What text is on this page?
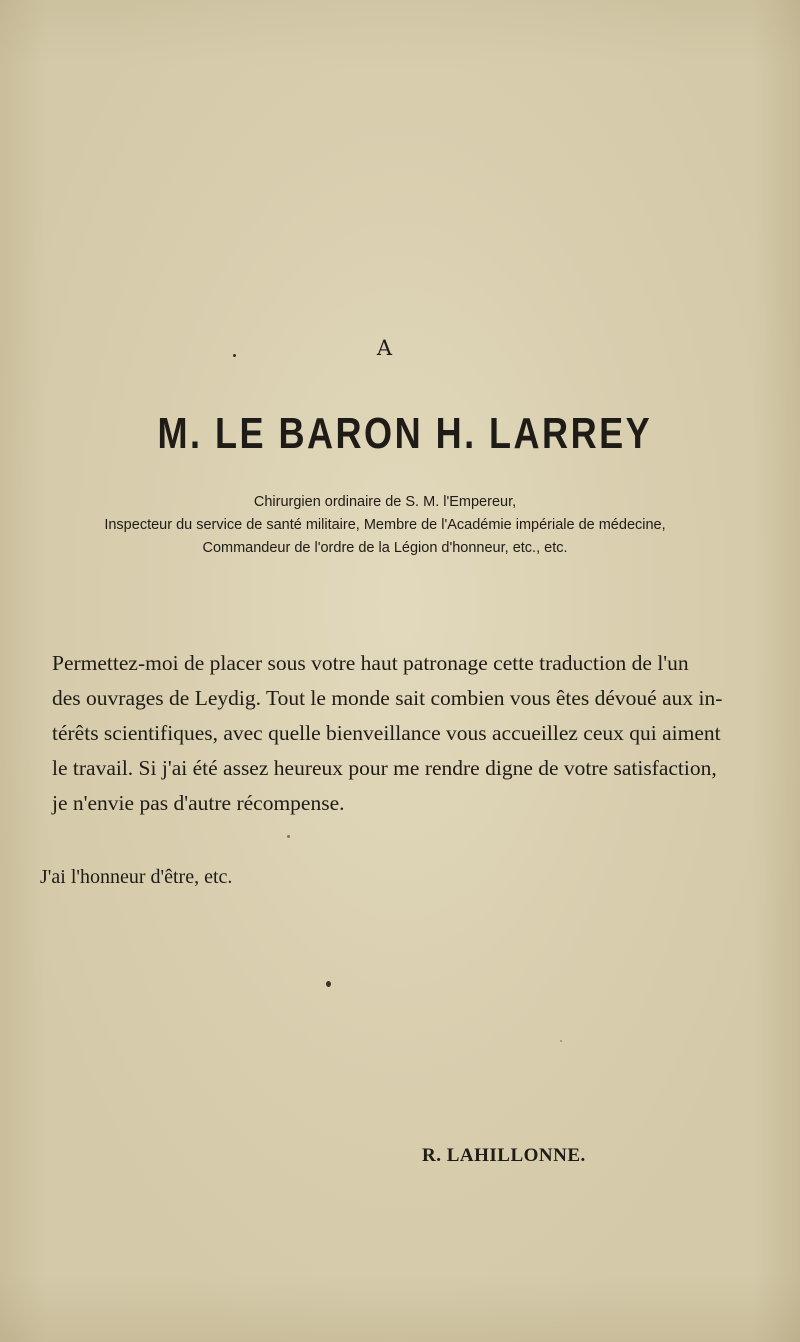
A
M. LE BARON H. LARREY
Chirurgien ordinaire de S. M. l'Empereur,
Inspecteur du service de santé militaire, Membre de l'Académie impériale de médecine,
Commandeur de l'ordre de la Légion d'honneur, etc., etc.
Permettez-moi de placer sous votre haut patronage cette traduction de l'un
des ouvrages de Leydig. Tout le monde sait combien vous êtes dévoué aux in-
térêts scientifiques, avec quelle bienveillance vous accueillez ceux qui aiment
le travail. Si j'ai été assez heureux pour me rendre digne de votre satisfaction,
je n'envie pas d'autre récompense.
J'ai l'honneur d'être, etc.
R. LAHILLONNE.
